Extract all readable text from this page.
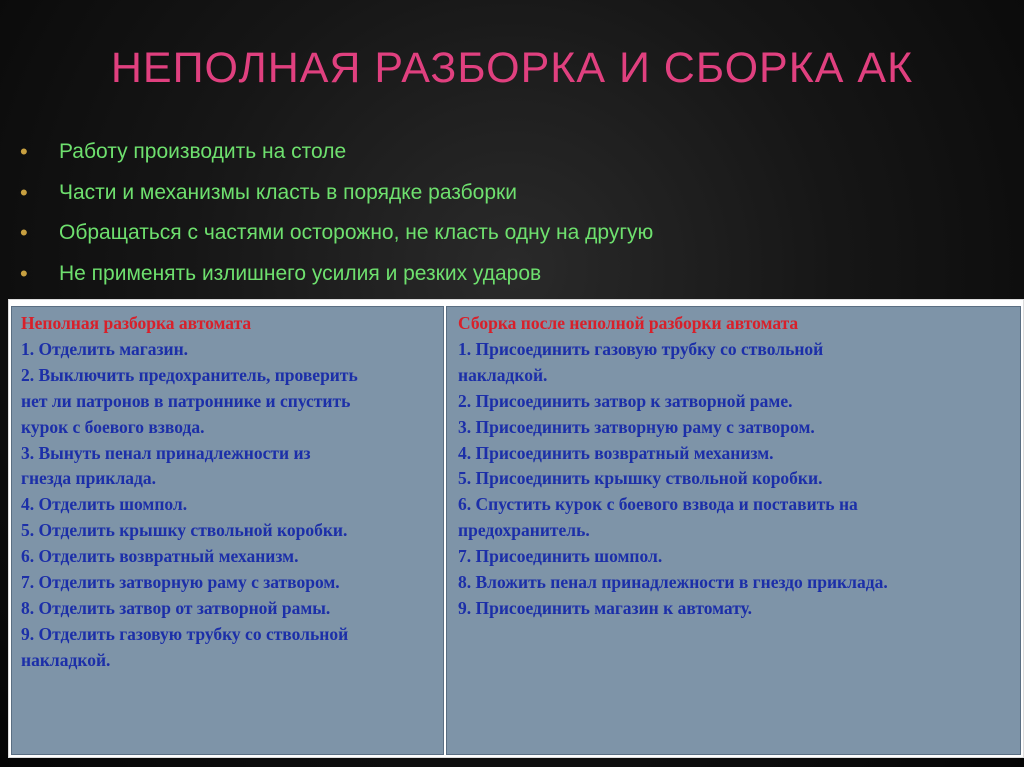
НЕПОЛНАЯ РАЗБОРКА И СБОРКА АК
• Работу производить на столе
• Части и механизмы класть в порядке разборки
• Обращаться с частями осторожно, не класть одну на другую
• Не применять излишнего усилия и резких ударов
Неполная разборка автомата
1. Отделить магазин.
2. Выключить предохранитель, проверить
нет ли патронов в патроннике и спустить
курок с боевого взвода.
3. Вынуть пенал принадлежности из
гнезда приклада.
4. Отделить шомпол.
5. Отделить крышку ствольной коробки.
6. Отделить возвратный механизм.
7. Отделить затворную раму с затвором.
8. Отделить затвор от затворной рамы.
9. Отделить газовую трубку со ствольной
накладкой.
Сборка после неполной разборки автомата
1. Присоединить газовую трубку со ствольной
накладкой.
2. Присоединить затвор к затворной раме.
3. Присоединить затворную раму с затвором.
4. Присоединить возвратный механизм.
5. Присоединить крышку ствольной коробки.
6. Спустить курок с боевого взвода и поставить на
предохранитель.
7. Присоединить шомпол.
8. Вложить пенал принадлежности в гнездо приклада.
9. Присоединить магазин к автомату.
